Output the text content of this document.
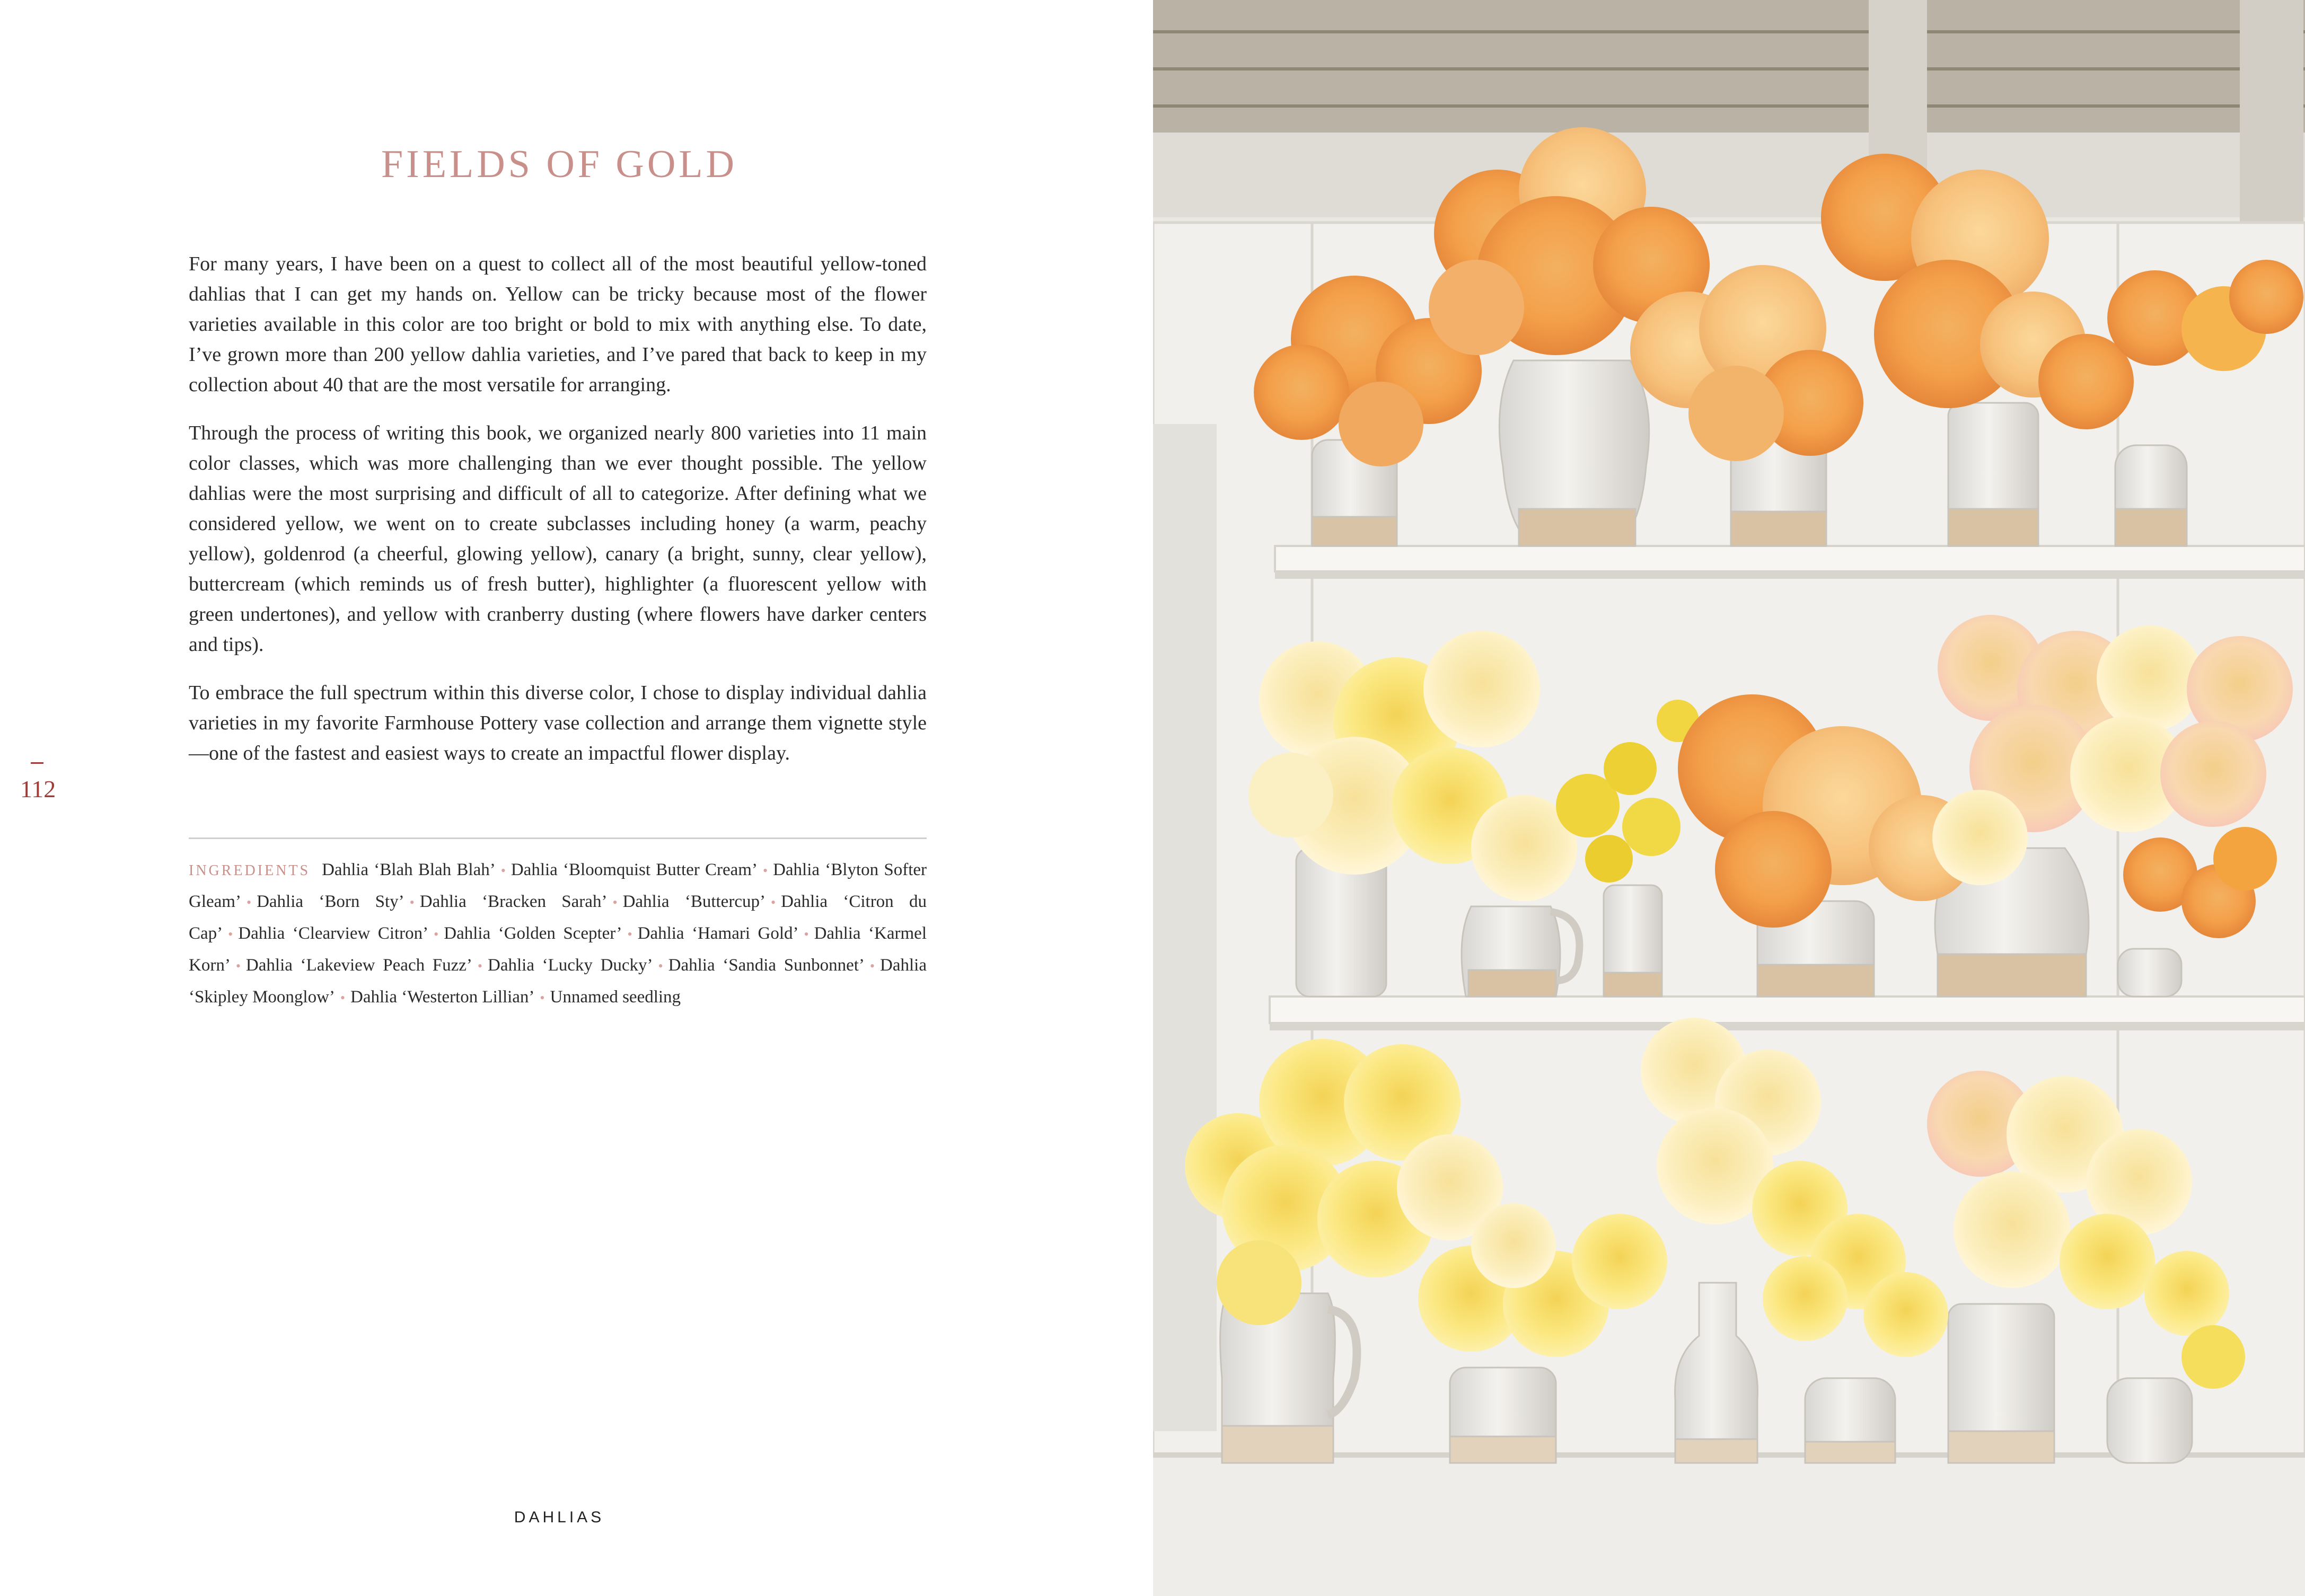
FIELDS OF GOLD

For many years, I have been on a quest to collect all of the most beautiful yellow-toned dahlias that I can get my hands on. Yellow can be tricky because most of the flower varieties available in this color are too bright or bold to mix with anything else. To date, I’ve grown more than 200 yellow dahlia varieties, and I’ve pared that back to keep in my collection about 40 that are the most versatile for arranging.

Through the process of writing this book, we organized nearly 800 varieties into 11 main color classes, which was more challenging than we ever thought possible. The yellow dahlias were the most surprising and difficult of all to categorize. After defining what we considered yellow, we went on to create subclasses including honey (a warm, peachy yellow), goldenrod (a cheerful, glowing yellow), canary (a bright, sunny, clear yellow), buttercream (which reminds us of fresh butter), highlighter (a fluorescent yellow with green undertones), and yellow with cranberry dusting (where flowers have darker centers and tips).

To embrace the full spectrum within this diverse color, I chose to display individual dahlia varieties in my favorite Farmhouse Pottery vase collection and arrange them vignette style—one of the fastest and easiest ways to create an impactful flower display.

112
INGREDIENTS Dahlia ‘Blah Blah Blah’ • Dahlia ‘Bloomquist Butter Cream’ • Dahlia ‘Blyton Softer Gleam’ • Dahlia ‘Born Sty’ • Dahlia ‘Bracken Sarah’ • Dahlia ‘Buttercup’ • Dahlia ‘Citron du Cap’ • Dahlia ‘Clearview Citron’ • Dahlia ‘Golden Scepter’ • Dahlia ‘Hamari Gold’ • Dahlia ‘Karmel Korn’ • Dahlia ‘Lakeview Peach Fuzz’ • Dahlia ‘Lucky Ducky’ • Dahlia ‘Sandia Sunbonnet’ • Dahlia ‘Skipley Moonglow’ • Dahlia ‘Westerton Lillian’ • Unnamed seedling
DAHLIAS
